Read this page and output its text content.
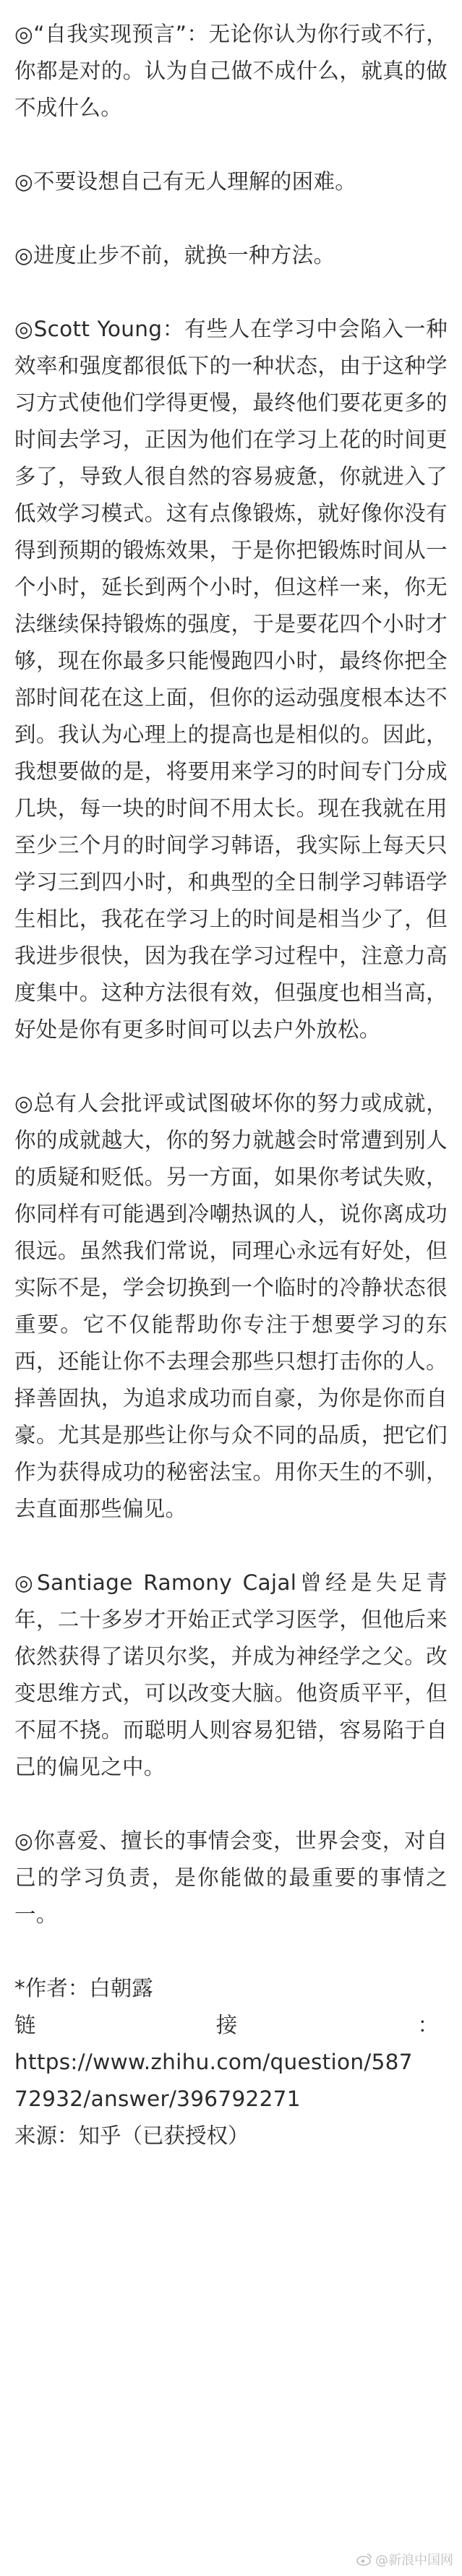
◎“自我实现预言”：无论你认为你行或不行，你都是对的。认为自己做不成什么，就真的做不成什么。

◎不要设想自己有无人理解的困难。

◎进度止步不前，就换一种方法。

◎Scott Young：有些人在学习中会陷入一种效率和强度都很低下的一种状态，由于这种学习方式使他们学得更慢，最终他们要花更多的时间去学习，正因为他们在学习上花的时间更多了，导致人很自然的容易疲惫，你就进入了低效学习模式。这有点像锻炼，就好像你没有得到预期的锻炼效果，于是你把锻炼时间从一个小时，延长到两个小时，但这样一来，你无法继续保持锻炼的强度，于是要花四个小时才够，现在你最多只能慢跑四小时，最终你把全部时间花在这上面，但你的运动强度根本达不到。我认为心理上的提高也是相似的。因此，我想要做的是，将要用来学习的时间专门分成几块，每一块的时间不用太长。现在我就在用至少三个月的时间学习韩语，我实际上每天只学习三到四小时，和典型的全日制学习韩语学生相比，我花在学习上的时间是相当少了，但我进步很快，因为我在学习过程中，注意力高度集中。这种方法很有效，但强度也相当高，好处是你有更多时间可以去户外放松。

◎总有人会批评或试图破坏你的努力或成就，你的成就越大，你的努力就越会时常遭到别人的质疑和贬低。另一方面，如果你考试失败，你同样有可能遇到冷嘲热讽的人，说你离成功很远。虽然我们常说，同理心永远有好处，但实际不是，学会切换到一个临时的冷静状态很重要。它不仅能帮助你专注于想要学习的东西，还能让你不去理会那些只想打击你的人。择善固执，为追求成功而自豪，为你是你而自豪。尤其是那些让你与众不同的品质，把它们作为获得成功的秘密法宝。用你天生的不驯，去直面那些偏见。

◎Santiage Ramony Cajal曾经是失足青年，二十多岁才开始正式学习医学，但他后来依然获得了诺贝尔奖，并成为神经学之父。改变思维方式，可以改变大脑。他资质平平，但不屈不挠。而聪明人则容易犯错，容易陷于自己的偏见之中。

◎你喜爱、擅长的事情会变，世界会变，对自己的学习负责，是你能做的最重要的事情之一。

*作者：白朝露

链	接	：

https://www.zhihu.com/question/587

72932/answer/396792271

来源：知乎（已获授权）

@新浪中国网
